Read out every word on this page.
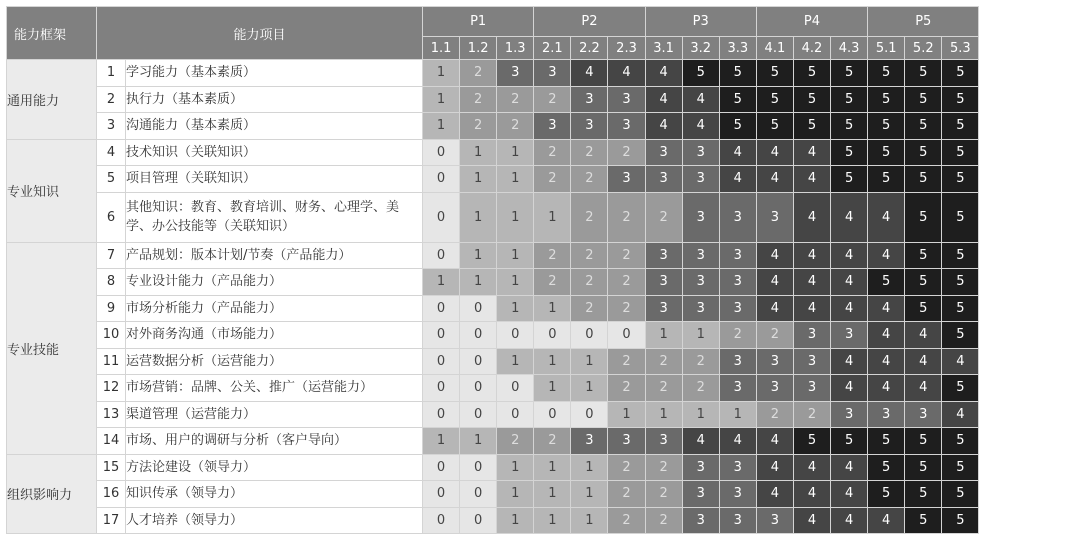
能力框架	能力项目		P1			P2			P3			P4			P5		
			1.1	1.2	1.3	2.1	2.2	2.3	3.1	3.2	3.3	4.1	4.2	4.3	5.1	5.2	5.3
通用能力	1	学习能力（基本素质）	1	2	3	3	4	4	4	5	5	5	5	5	5	5	5
	2	执行力（基本素质）	1	2	2	2	3	3	4	4	5	5	5	5	5	5	5
	3	沟通能力（基本素质）	1	2	2	3	3	3	4	4	5	5	5	5	5	5	5
专业知识	4	技术知识（关联知识）	0	1	1	2	2	2	3	3	4	4	4	5	5	5	5
	5	项目管理（关联知识）	0	1	1	2	2	3	3	3	4	4	4	5	5	5	5
	6	其他知识：教育、教育培训、财务、心理学、美学、办公技能等（关联知识）	0	1	1	1	2	2	2	3	3	3	4	4	4	5	5
专业技能	7	产品规划：版本计划/节奏（产品能力）	0	1	1	2	2	2	3	3	3	4	4	4	4	5	5
	8	专业设计能力（产品能力）	1	1	1	2	2	2	3	3	3	4	4	4	5	5	5
	9	市场分析能力（产品能力）	0	0	1	1	2	2	3	3	3	4	4	4	4	5	5
	10	对外商务沟通（市场能力）	0	0	0	0	0	0	1	1	2	2	3	3	4	4	5
	11	运营数据分析（运营能力）	0	0	1	1	1	2	2	2	3	3	3	4	4	4	4
	12	市场营销：品牌、公关、推广（运营能力）	0	0	0	1	1	2	2	2	3	3	3	4	4	4	5
	13	渠道管理（运营能力）	0	0	0	0	0	1	1	1	1	2	2	3	3	3	4
	14	市场、用户的调研与分析（客户导向）	1	1	2	2	3	3	3	4	4	4	5	5	5	5	5
组织影响力	15	方法论建设（领导力）	0	0	1	1	1	2	2	3	3	4	4	4	5	5	5
	16	知识传承（领导力）	0	0	1	1	1	2	2	3	3	4	4	4	5	5	5
	17	人才培养（领导力）	0	0	1	1	1	2	2	3	3	3	4	4	4	5	5
